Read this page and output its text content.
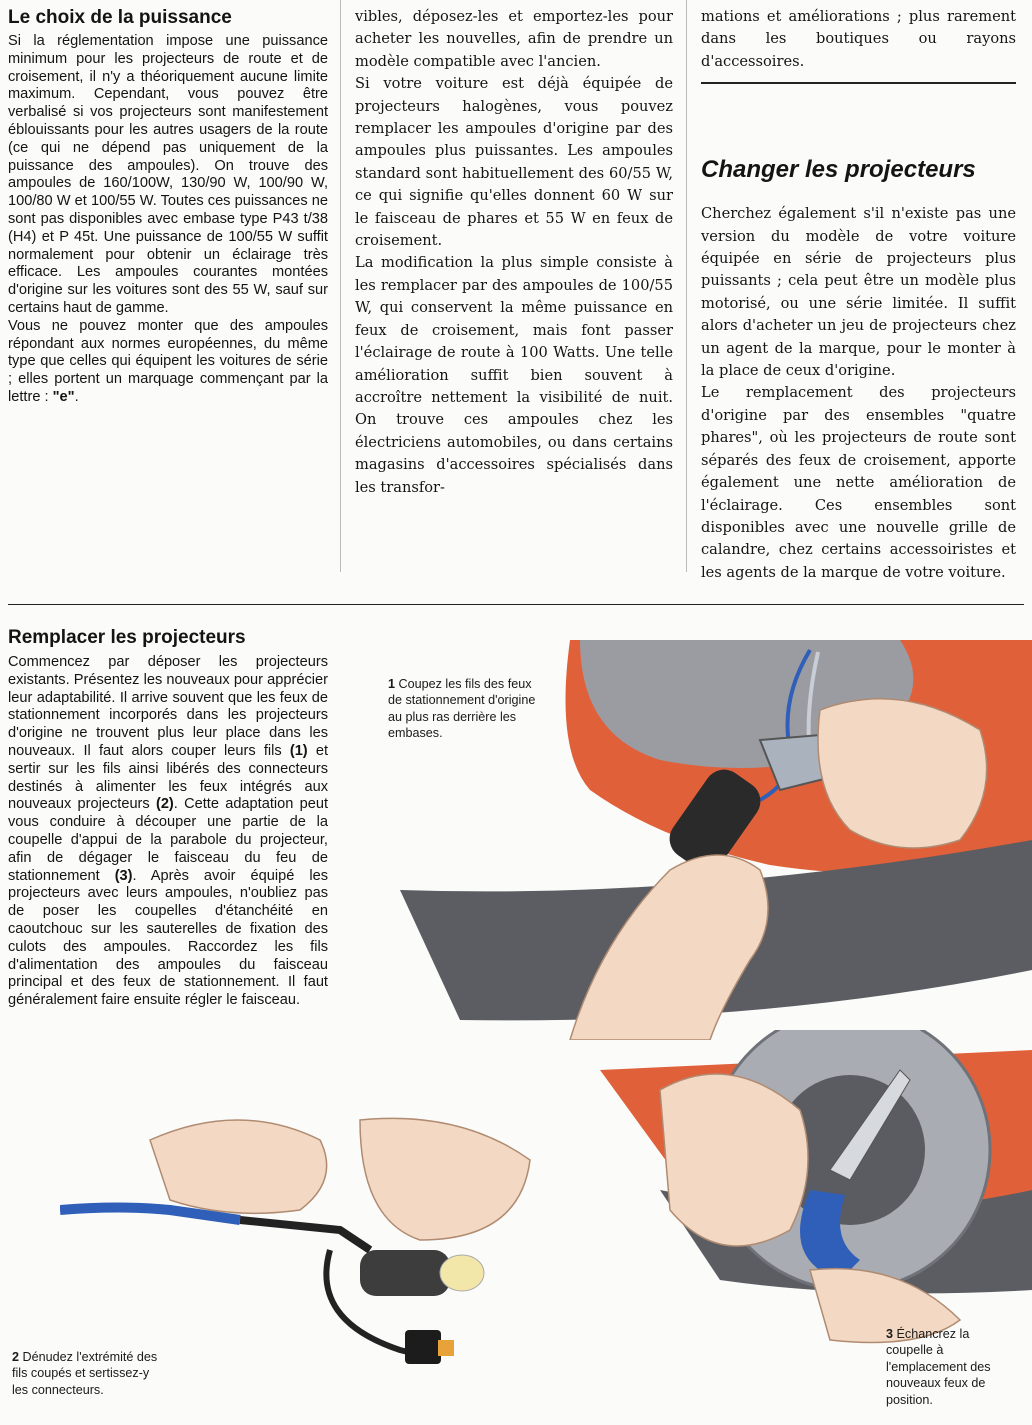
Le choix de la puissance

Si la réglementation impose une puissance minimum pour les projecteurs de route et de croisement, il n'y a théoriquement aucune limite maximum. Cependant, vous pouvez être verbalisé si vos projecteurs sont manifestement éblouissants pour les autres usagers de la route (ce qui ne dépend pas uniquement de la puissance des ampoules). On trouve des ampoules de 160/100W, 130/90 W, 100/90 W, 100/80 W et 100/55 W. Toutes ces puissances ne sont pas disponibles avec embase type P43 t/38 (H4) et P 45t. Une puissance de 100/55 W suffit normalement pour obtenir un éclairage très efficace. Les ampoules courantes montées d'origine sur les voitures sont des 55 W, sauf sur certains haut de gamme.

Vous ne pouvez monter que des ampoules répondant aux normes européennes, du même type que celles qui équipent les voitures de série ; elles portent un marquage commençant par la lettre : "e".

vibles, déposez-les et emportez-les pour acheter les nouvelles, afin de prendre un modèle compatible avec l'ancien.

Si votre voiture est déjà équipée de projecteurs halogènes, vous pouvez remplacer les ampoules d'origine par des ampoules plus puissantes. Les ampoules standard sont habituellement des 60/55 W, ce qui signifie qu'elles donnent 60 W sur le faisceau de phares et 55 W en feux de croisement.

La modification la plus simple consiste à les remplacer par des ampoules de 100/55 W, qui conservent la même puissance en feux de croisement, mais font passer l'éclairage de route à 100 Watts. Une telle amélioration suffit bien souvent à accroître nettement la visibilité de nuit. On trouve ces ampoules chez les électriciens automobiles, ou dans certains magasins d'accessoires spécialisés dans les transfor-

mations et améliorations ; plus rarement dans les boutiques ou rayons d'accessoires.

Changer les projecteurs

Cherchez également s'il n'existe pas une version du modèle de votre voiture équipée en série de projecteurs plus puissants ; cela peut être un modèle plus motorisé, ou une série limitée. Il suffit alors d'acheter un jeu de projecteurs chez un agent de la marque, pour le monter à la place de ceux d'origine.

Le remplacement des projecteurs d'origine par des ensembles "quatre phares", où les projecteurs de route sont séparés des feux de croisement, apporte également une nette amélioration de l'éclairage. Ces ensembles sont disponibles avec une nouvelle grille de calandre, chez certains accessoiristes et les agents de la marque de votre voiture.

Remplacer les projecteurs

Commencez par déposer les projecteurs existants. Présentez les nouveaux pour apprécier leur adaptabilité. Il arrive souvent que les feux de stationnement incorporés dans les projecteurs d'origine ne trouvent plus leur place dans les nouveaux. Il faut alors couper leurs fils (1) et sertir sur les fils ainsi libérés des connecteurs destinés à alimenter les feux intégrés aux nouveaux projecteurs (2). Cette adaptation peut vous conduire à découper une partie de la coupelle d'appui de la parabole du projecteur, afin de dégager le faisceau du feu de stationnement (3). Après avoir équipé les projecteurs avec leurs ampoules, n'oubliez pas de poser les coupelles d'étanchéité en caoutchouc sur les sauterelles de fixation des culots des ampoules. Raccordez les fils d'alimentation des ampoules du faisceau principal et des feux de stationnement. Il faut généralement faire ensuite régler le faisceau.

1 Coupez les fils des feux de stationnement d'origine au plus ras derrière les embases.
2 Dénudez l'extrémité des fils coupés et sertissez-y les connecteurs.
3 Échancrez la coupelle à l'emplacement des nouveaux feux de position.
